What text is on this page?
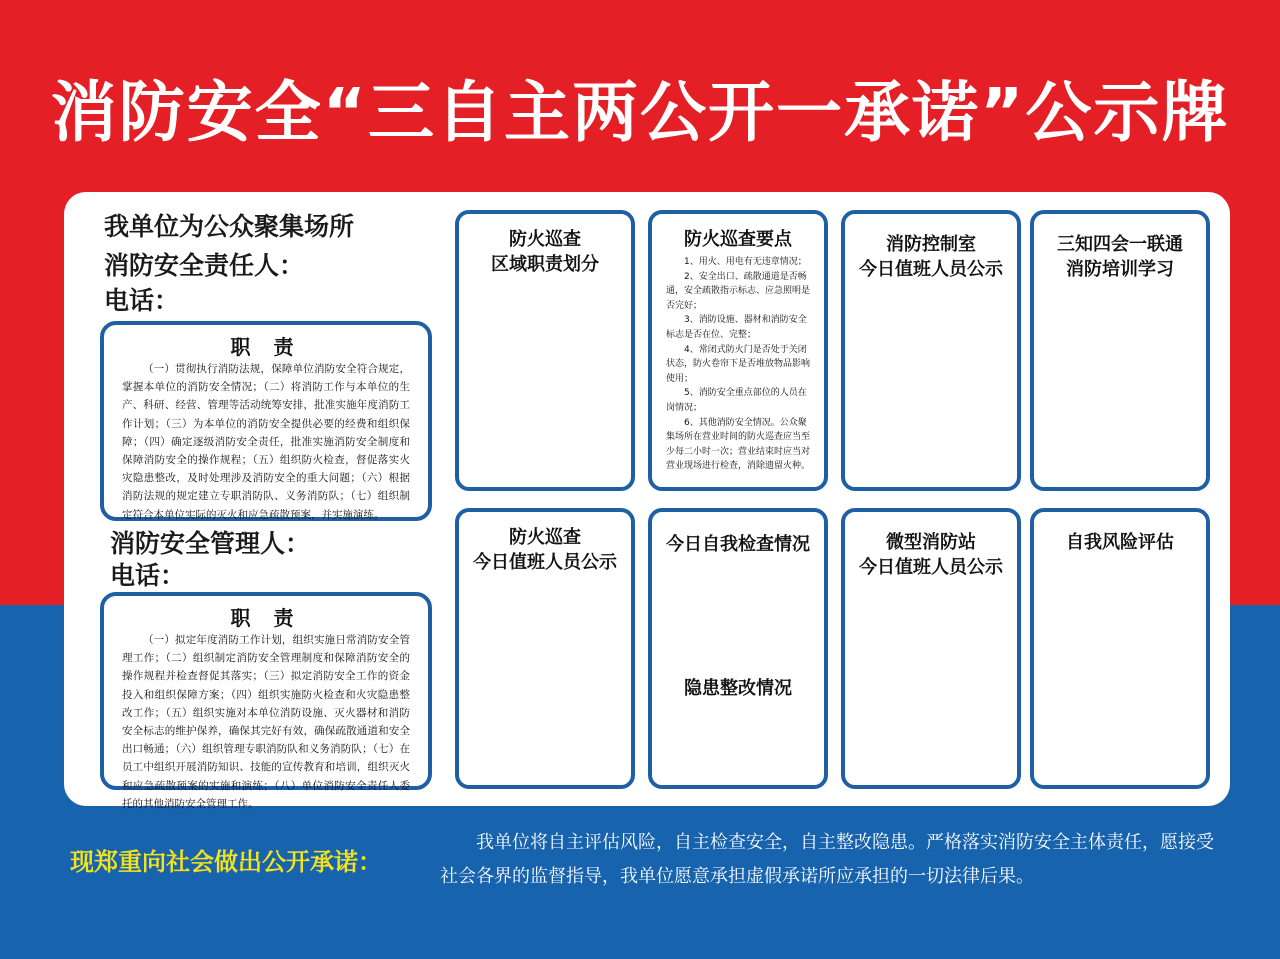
消防安全“三自主两公开一承诺”公示牌
我单位为公众聚集场所
消防安全责任人：
电话：
职 责
（一）贯彻执行消防法规，保障单位消防安全符合规定，掌握本单位的消防安全情况；（二）将消防工作与本单位的生产、科研、经营、管理等活动统筹安排，批准实施年度消防工作计划；（三）为本单位的消防安全提供必要的经费和组织保障；（四）确定逐级消防安全责任，批准实施消防安全制度和保障消防安全的操作规程；（五）组织防火检查，督促落实火灾隐患整改，及时处理涉及消防安全的重大问题；（六）根据消防法规的规定建立专职消防队、义务消防队；（七）组织制定符合本单位实际的灭火和应急疏散预案，并实施演练。
消防安全管理人：
电话：
职 责
（一）拟定年度消防工作计划，组织实施日常消防安全管理工作；（二）组织制定消防安全管理制度和保障消防安全的操作规程并检查督促其落实；（三）拟定消防安全工作的资金投入和组织保障方案；（四）组织实施防火检查和火灾隐患整改工作；（五）组织实施对本单位消防设施、灭火器材和消防安全标志的维护保养，确保其完好有效，确保疏散通道和安全出口畅通；（六）组织管理专职消防队和义务消防队；（七）在员工中组织开展消防知识、技能的宣传教育和培训，组织灭火和应急疏散预案的实施和演练；（八）单位消防安全责任人委托的其他消防安全管理工作。
防火巡查
区域职责划分
防火巡查要点
1、用火、用电有无违章情况；
2、安全出口、疏散通道是否畅通，安全疏散指示标志、应急照明是否完好；
3、消防设施、器材和消防安全标志是否在位、完整；
4、常闭式防火门是否处于关闭状态，防火卷帘下是否堆放物品影响使用；
5、消防安全重点部位的人员在岗情况；
6、其他消防安全情况。公众聚集场所在营业时间的防火巡查应当至少每二小时一次；营业结束时应当对营业现场进行检查，消除遗留火种。
消防控制室
今日值班人员公示
三知四会一联通
消防培训学习
防火巡查
今日值班人员公示
今日自我检查情况
隐患整改情况
微型消防站
今日值班人员公示
自我风险评估
现郑重向社会做出公开承诺：
我单位将自主评估风险，自主检查安全，自主整改隐患。严格落实消防安全主体责任，愿接受社会各界的监督指导，我单位愿意承担虚假承诺所应承担的一切法律后果。
